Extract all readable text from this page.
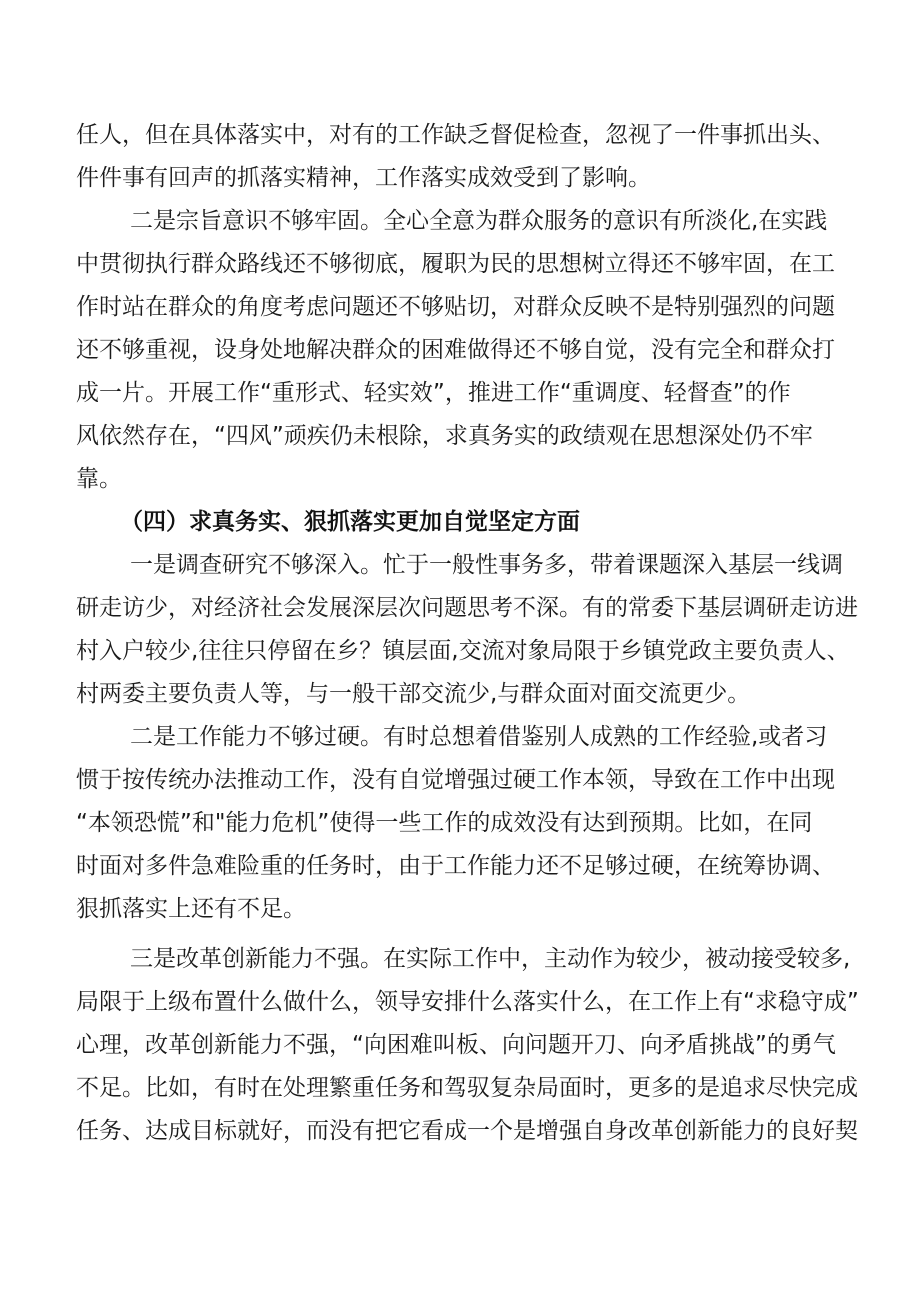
任人，但在具体落实中，对有的工作缺乏督促检查，忽视了一件事抓出头、

件件事有回声的抓落实精神，工作落实成效受到了影响。

二是宗旨意识不够牢固。全心全意为群众服务的意识有所淡化,在实践

中贯彻执行群众路线还不够彻底，履职为民的思想树立得还不够牢固，在工

作时站在群众的角度考虑问题还不够贴切，对群众反映不是特别强烈的问题

还不够重视，设身处地解决群众的困难做得还不够自觉，没有完全和群众打

成一片。开展工作“重形式、轻实效”，推进工作“重调度、轻督查”的作

风依然存在，“四风”顽疾仍未根除，求真务实的政绩观在思想深处仍不牢

靠。

（四）求真务实、狠抓落实更加自觉坚定方面

一是调查研究不够深入。忙于一般性事务多，带着课题深入基层一线调

研走访少，对经济社会发展深层次问题思考不深。有的常委下基层调研走访进

村入户较少,往往只停留在乡？镇层面,交流对象局限于乡镇党政主要负责人、

村两委主要负责人等，与一般干部交流少,与群众面对面交流更少。

二是工作能力不够过硬。有时总想着借鉴别人成熟的工作经验,或者习

惯于按传统办法推动工作，没有自觉增强过硬工作本领，导致在工作中出现

“本领恐慌”和"能力危机”使得一些工作的成效没有达到预期。比如，在同

时面对多件急难险重的任务时，由于工作能力还不足够过硬，在统筹协调、

狠抓落实上还有不足。

三是改革创新能力不强。在实际工作中，主动作为较少，被动接受较多,

局限于上级布置什么做什么，领导安排什么落实什么，在工作上有“求稳守成”

心理，改革创新能力不强，“向困难叫板、向问题开刀、向矛盾挑战”的勇气

不足。比如，有时在处理繁重任务和驾驭复杂局面时，更多的是追求尽快完成

任务、达成目标就好，而没有把它看成一个是增强自身改革创新能力的良好契
